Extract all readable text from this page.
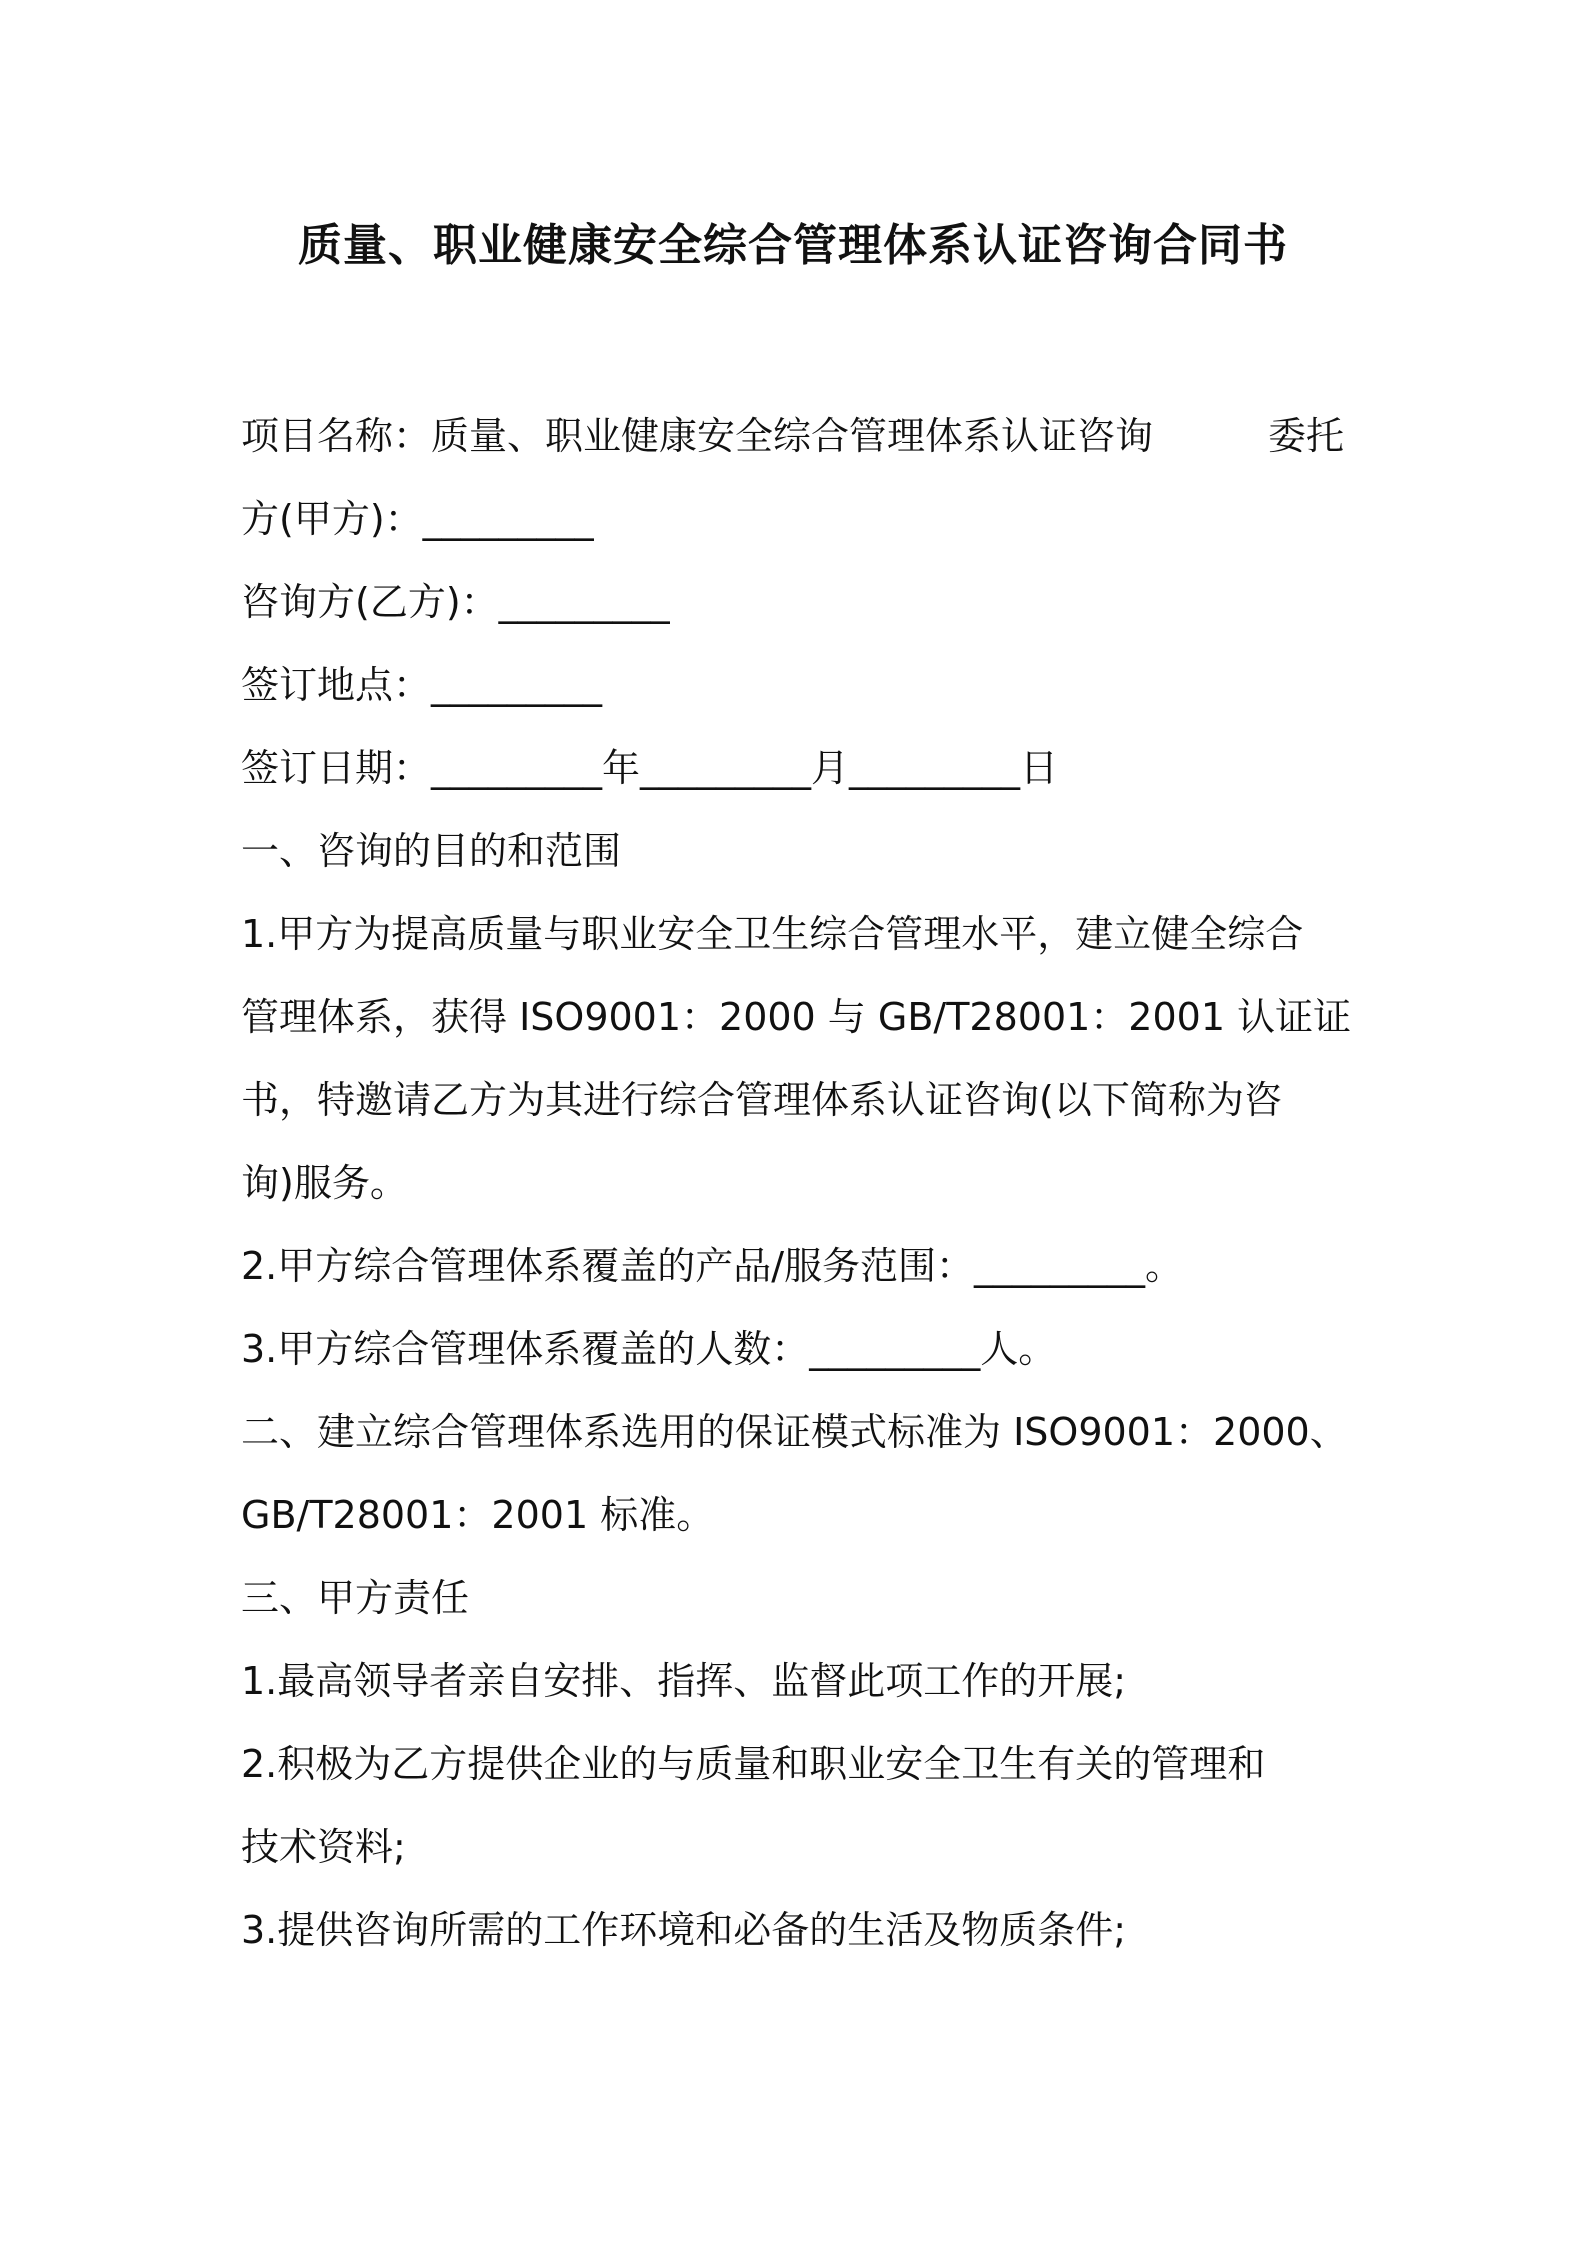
质量、职业健康安全综合管理体系认证咨询合同书
项目名称：质量、职业健康安全综合管理体系认证咨询	委托
方(甲方)：_________
咨询方(乙方)：_________
签订地点：_________
签订日期：_________年_________月_________日
一、咨询的目的和范围
1.甲方为提高质量与职业安全卫生综合管理水平，建立健全综合
管理体系，获得 ISO9001：2000 与 GB/T28001：2001 认证证
书，特邀请乙方为其进行综合管理体系认证咨询(以下简称为咨
询)服务。
2.甲方综合管理体系覆盖的产品/服务范围：_________。
3.甲方综合管理体系覆盖的人数：_________人。
二、建立综合管理体系选用的保证模式标准为 ISO9001：2000、
GB/T28001：2001 标准。
三、甲方责任
1.最高领导者亲自安排、指挥、监督此项工作的开展;
2.积极为乙方提供企业的与质量和职业安全卫生有关的管理和
技术资料;
3.提供咨询所需的工作环境和必备的生活及物质条件;
